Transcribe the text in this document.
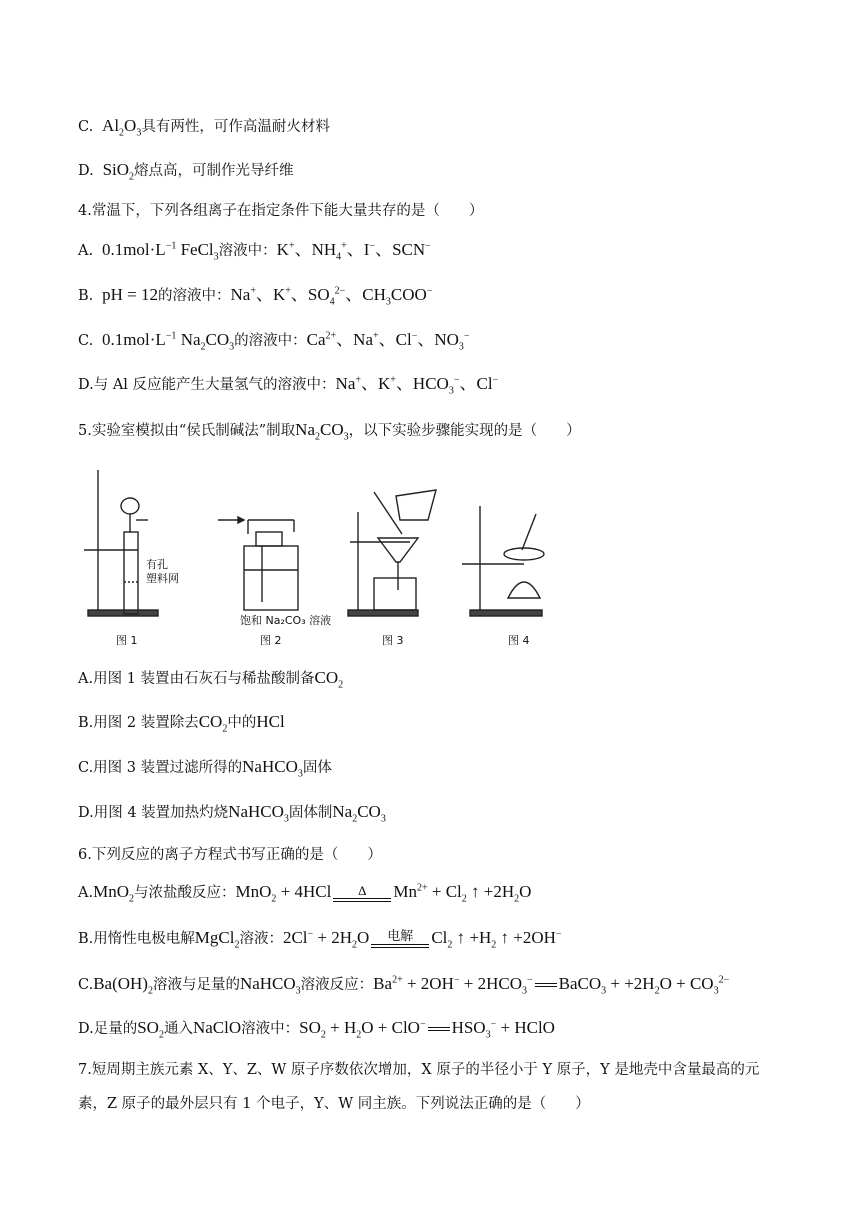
C.  $Al_2O_3$具有两性，可作高温耐火材料
D.  SiO$_2$熔点高，可制作光导纤维
4.常温下，下列各组离子在指定条件下能大量共存的是（　　）
A. $0.1mol\cdot L^{-1}$ FeCl$_3$溶液中：K+、$NH_4^+$、I−、SCN−
B.  pH = 12的溶液中：Na+、K+、$SO_4^{2-}$、$CH_3COO^-$
C.  $0.1mol\cdot L^{-1}$ $Na_2CO_3$的溶液中：$Ca^{2+}$、Na+、Cl−、$NO_3^-$
D.与 Al 反应能产生大量氢气的溶液中：Na+、K+、$HCO_3^-$、Cl−
5.实验室模拟由“侯氏制碱法”制取$Na_2CO_3$，以下实验步骤能实现的是（　　）
有孔
塑料网
饱和 Na₂CO₃ 溶液
图 1	图 2	图 3	图 4
A.用图 1 装置由石灰石与稀盐酸制备$CO_2$
B.用图 2 装置除去$CO_2$中的HCl
C.用图 3 装置过滤所得的NaHCO$_3$固体
D.用图 4 装置加热灼烧NaHCO$_3$固体制$Na_2CO_3$
6.下列反应的离子方程式书写正确的是（　　）
A.MnO$_2$与浓盐酸反应：MnO$_2$ + 4HCl	Δ	$Mn^{2+} + Cl_2$ ↑ $+2H_2O$
B.用惰性电极电解MgCl$_2$溶液：$2Cl^- + 2H_2O$	电解	$Cl_2$ ↑ $+H_2$ ↑ +2OH−
$C.Ba(OH)_2$溶液与足量的NaHCO$_3$溶液反应：$Ba^{2+} + 2OH^- + 2HCO_3^-$ BaCO$_3$ + $+2H_2O + CO_3^{2-}$
D.足量的$SO_2$通入NaClO溶液中：$SO_2 + H_2O + ClO^-$ $HSO_3^-$ + HClO
7.短周期主族元素 X、Y、Z、W 原子序数依次增加，X 原子的半径小于 Y 原子，Y 是地壳中含量最高的元素，Z 原子的最外层只有 1 个电子，Y、W 同主族。下列说法正确的是（　　）
